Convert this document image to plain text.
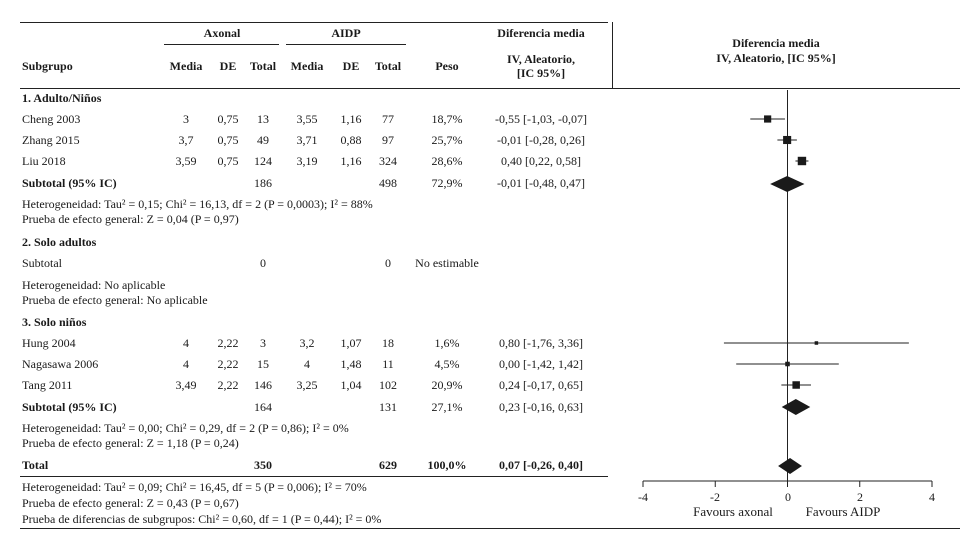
Axonal	AIDP	Diferencia media
IV, Aleatorio,
[IC 95%]
Diferencia media
IV, Aleatorio, [IC 95%]
Subgrupo	Media DE Total Media DE Total	Peso
1. Adulto/Niños
Cheng 2003	3 0,75 13 3,55 1,16 77	18,7%	-0,55 [-1,03, -0,07]
Zhang 2015	3,7 0,75 49 3,71 0,88 97	25,7%	-0,01 [-0,28, 0,26]
Liu 2018	3,59 0,75 124 3,19 1,16 324	28,6%	0,40 [0,22, 0,58]
Subtotal (95% IC)	186	498	72,9%	-0,01 [-0,48, 0,47]
Heterogeneidad: Tau² = 0,15; Chi² = 16,13, df = 2 (P = 0,0003); I² = 88%
Prueba de efecto general: Z = 0,04 (P = 0,97)
2. Solo adultos
Subtotal	0	0 No estimable
Heterogeneidad: No aplicable
Prueba de efecto general: No aplicable
3. Solo niños
Hung 2004	4 2,22 3	3,2 1,07 18	1,6%	0,80 [-1,76, 3,36]
Nagasawa 2006	4 2,22 15	4	1,48 11	4,5%	0,00 [-1,42, 1,42]
Tang 2011	3,49 2,22 146 3,25 1,04 102	20,9%	0,24 [-0,17, 0,65]
Subtotal (95% IC)	164	131	27,1%	0,23 [-0,16, 0,63]
Heterogeneidad: Tau² = 0,00; Chi² = 0,29, df = 2 (P = 0,86); I² = 0%
Prueba de efecto general: Z = 1,18 (P = 0,24)
Total	350	629	100,0%	0,07 [-0,26, 0,40]
Heterogeneidad: Tau² = 0,09; Chi² = 16,45, df = 5 (P = 0,006); I² = 70%
Prueba de efecto general: Z = 0,43 (P = 0,67)
Prueba de diferencias de subgrupos: Chi² = 0,60, df = 1 (P = 0,44); I² = 0%
-4	-2	0	2	4
Favours axonal	Favours AIDP
